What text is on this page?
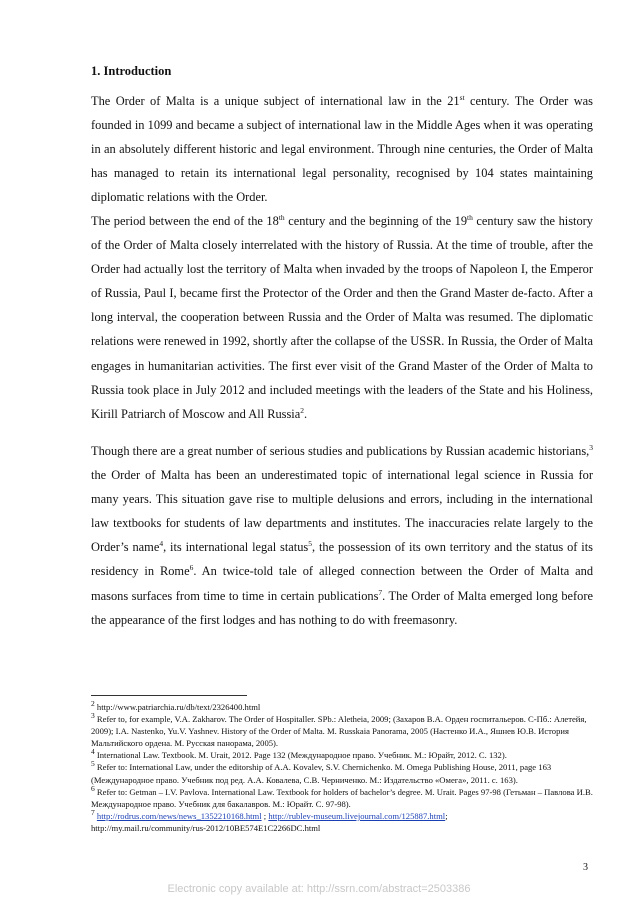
1. Introduction

The Order of Malta is a unique subject of international law in the 21st century. The Order was founded in 1099 and became a subject of international law in the Middle Ages when it was operating in an absolutely different historic and legal environment. Through nine centuries, the Order of Malta has managed to retain its international legal personality, recognised by 104 states maintaining diplomatic relations with the Order.

The period between the end of the 18th century and the beginning of the 19th century saw the history of the Order of Malta closely interrelated with the history of Russia. At the time of trouble, after the Order had actually lost the territory of Malta when invaded by the troops of Napoleon I, the Emperor of Russia, Paul I, became first the Protector of the Order and then the Grand Master de-facto. After a long interval, the cooperation between Russia and the Order of Malta was resumed. The diplomatic relations were renewed in 1992, shortly after the collapse of the USSR. In Russia, the Order of Malta engages in humanitarian activities. The first ever visit of the Grand Master of the Order of Malta to Russia took place in July 2012 and included meetings with the leaders of the State and his Holiness, Kirill Patriarch of Moscow and All Russia$^2$.

Though there are a great number of serious studies and publications by Russian academic historians,$^3$ the Order of Malta has been an underestimated topic of international legal science in Russia for many years. This situation gave rise to multiple delusions and errors, including in the international law textbooks for students of law departments and institutes. The inaccuracies relate largely to the Order’s name$^4$, its international legal status$^5$, the possession of its own territory and the status of its residency in Rome$^6$. An twice-told tale of alleged connection between the Order of Malta and masons surfaces from time to time in certain publications$^7$. The Order of Malta emerged long before the appearance of the first lodges and has nothing to do with freemasonry.

$^2$ http://www.patriarchia.ru/db/text/2326400.html

$^3$ Refer to, for example, V.A. Zakharov. The Order of Hospitaller. SPb.: Aletheia, 2009; (Захаров В.А. Орден госпитальеров. С-Пб.: Алетейя, 2009); I.A. Nastenko, Yu.V. Yashnev. History of the Order of Malta. M. Russkaia Panorama, 2005 (Настенко И.А., Яшнев Ю.В. История Мальтийского ордена. М. Русская панорама, 2005).

$^4$ International Law. Textbook. M. Urait, 2012. Page 132 (Международное право. Учебник. М.: Юрайт, 2012. С. 132).

$^5$ Refer to: International Law, under the editorship of A.A. Kovalev, S.V. Chernichenko. M. Omega Publishing House, 2011, page 163 (Международное право. Учебник под ред. А.А. Ковалева, С.В. Черниченко. М.: Издательство «Омега», 2011. с. 163).

$^6$ Refer to: Getman – I.V. Pavlova. International Law. Textbook for holders of bachelor’s degree. M. Urait. Pages 97-98 (Гетьман – Павлова И.В. Международное право. Учебник для бакалавров. М.: Юрайт. С. 97-98).

$^7$ http://rodrus.com/news/news_1352210168.html ; http://rublev-museum.livejournal.com/125887.html;
http://my.mail.ru/community/rus-2012/10BE574E1C2266DC.html

3
Electronic copy available at: http://ssrn.com/abstract=2503386
